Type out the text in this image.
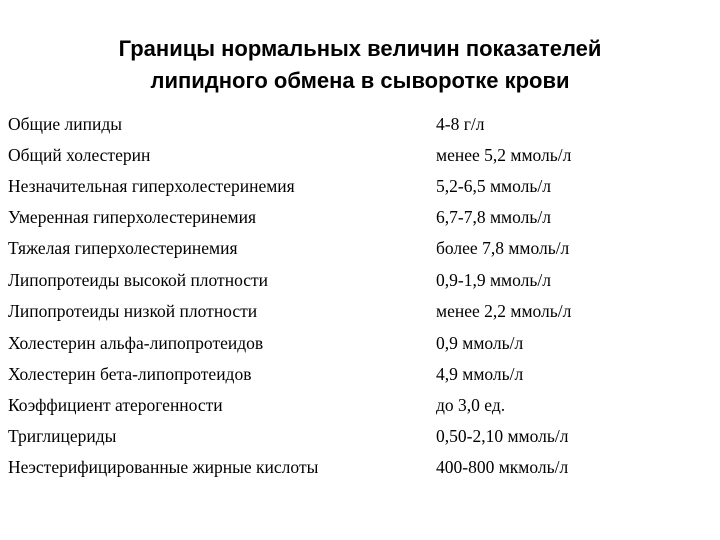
Границы нормальных величин показателей
липидного обмена в сыворотке крови
Общие липиды	4-8 г/л
Общий холестерин	менее 5,2 ммоль/л
Незначительная гиперхолестеринемия	5,2-6,5 ммоль/л
Умеренная гиперхолестеринемия	6,7-7,8 ммоль/л
Тяжелая гиперхолестеринемия	более 7,8 ммоль/л
Липопротеиды высокой плотности	0,9-1,9 ммоль/л
Липопротеиды низкой плотности	менее 2,2 ммоль/л
Холестерин альфа-липопротеидов	0,9 ммоль/л
Холестерин бета-липопротеидов	4,9 ммоль/л
Коэффициент атерогенности	до 3,0 ед.
Триглицериды	0,50-2,10 ммоль/л
Неэстерифицированные жирные кислоты	400-800 мкмоль/л
